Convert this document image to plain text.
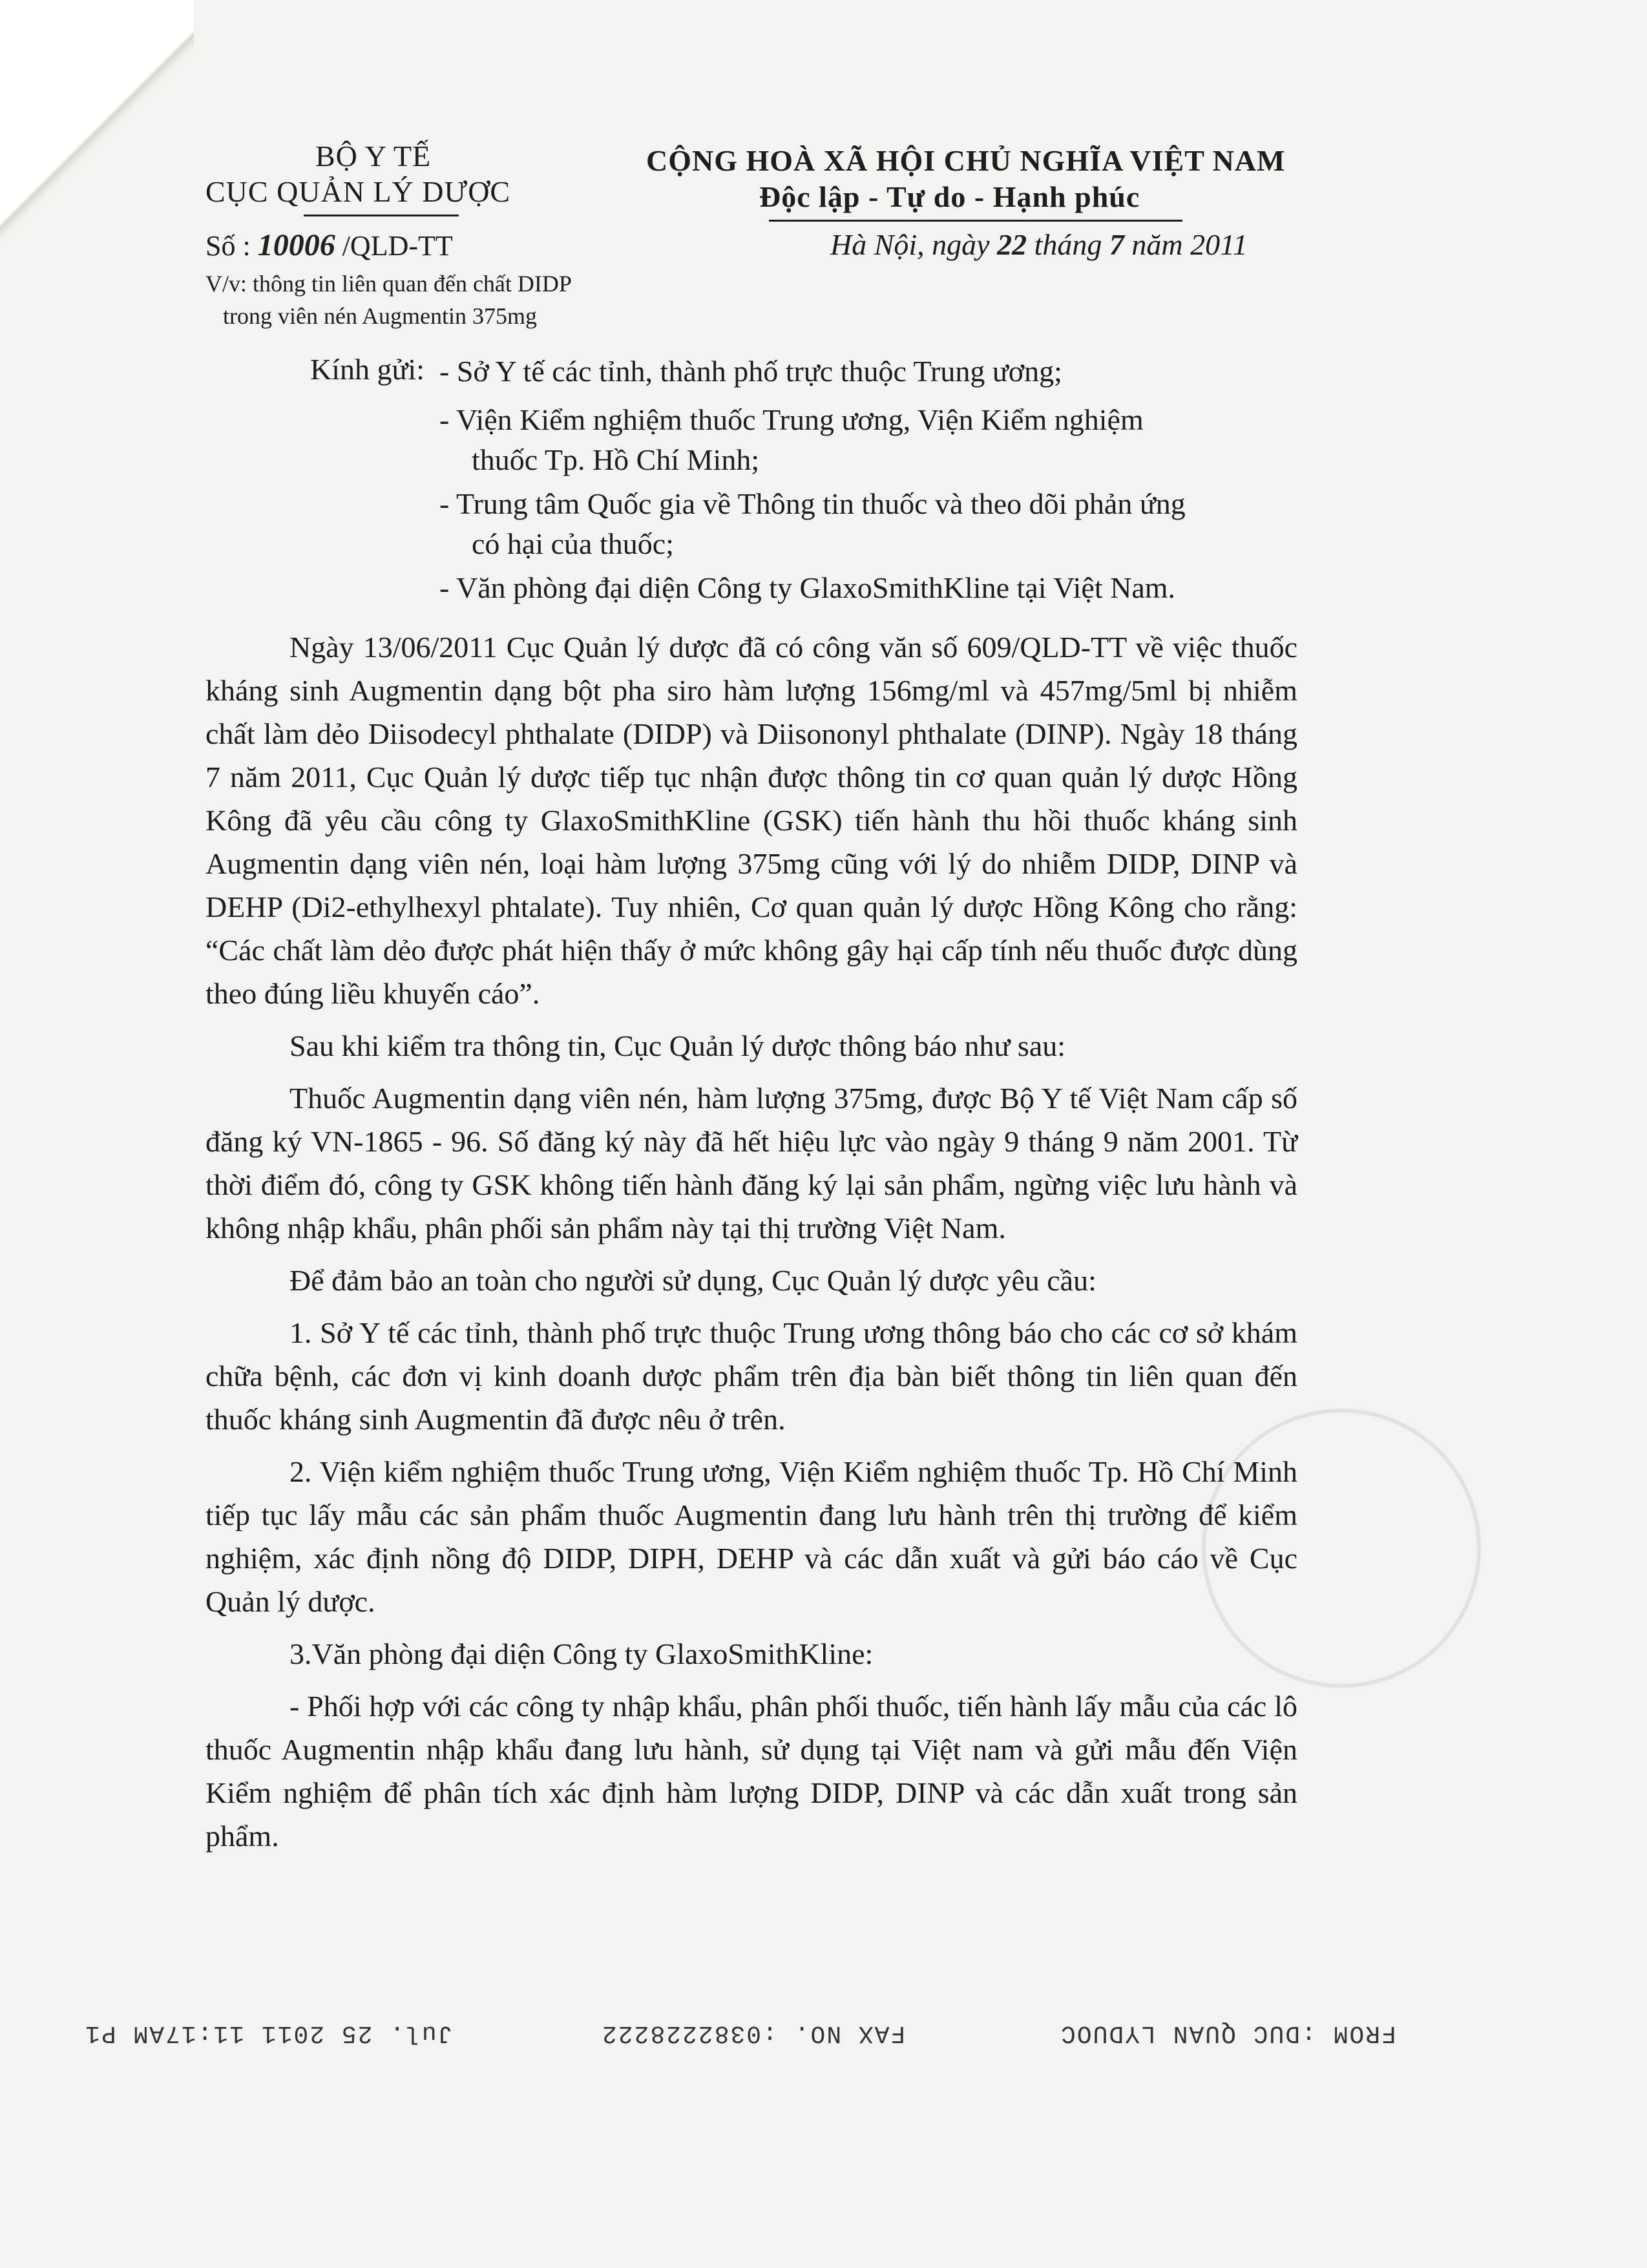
BỘ Y TẾ
CỤC QUẢN LÝ DƯỢC
Số : 10006 /QLD-TT
V/v: thông tin liên quan đến chất DIDP
trong viên nén Augmentin 375mg
CỘNG HOÀ XÃ HỘI CHỦ NGHĨA VIỆT NAM
Độc lập - Tự do - Hạnh phúc
Hà Nội, ngày 22 tháng 7 năm 2011
Kính gửi: - Sở Y tế các tỉnh, thành phố trực thuộc Trung ương;
- Viện Kiểm nghiệm thuốc Trung ương, Viện Kiểm nghiệm
thuốc Tp. Hồ Chí Minh;
- Trung tâm Quốc gia về Thông tin thuốc và theo dõi phản ứng
có hại của thuốc;
- Văn phòng đại diện Công ty GlaxoSmithKline tại Việt Nam.

Ngày 13/06/2011 Cục Quản lý dược đã có công văn số 609/QLD-TT về việc thuốc kháng sinh Augmentin dạng bột pha siro hàm lượng 156mg/ml và 457mg/5ml bị nhiễm chất làm dẻo Diisodecyl phthalate (DIDP) và Diisononyl phthalate (DINP). Ngày 18 tháng 7 năm 2011, Cục Quản lý dược tiếp tục nhận được thông tin cơ quan quản lý dược Hồng Kông đã yêu cầu công ty GlaxoSmithKline (GSK) tiến hành thu hồi thuốc kháng sinh Augmentin dạng viên nén, loại hàm lượng 375mg cũng với lý do nhiễm DIDP, DINP và DEHP (Di2-ethylhexyl phtalate). Tuy nhiên, Cơ quan quản lý dược Hồng Kông cho rằng: “Các chất làm dẻo được phát hiện thấy ở mức không gây hại cấp tính nếu thuốc được dùng theo đúng liều khuyến cáo”.

Sau khi kiểm tra thông tin, Cục Quản lý dược thông báo như sau:

Thuốc Augmentin dạng viên nén, hàm lượng 375mg, được Bộ Y tế Việt Nam cấp số đăng ký VN-1865 - 96. Số đăng ký này đã hết hiệu lực vào ngày 9 tháng 9 năm 2001. Từ thời điểm đó, công ty GSK không tiến hành đăng ký lại sản phẩm, ngừng việc lưu hành và không nhập khẩu, phân phối sản phẩm này tại thị trường Việt Nam.

Để đảm bảo an toàn cho người sử dụng, Cục Quản lý dược yêu cầu:

1. Sở Y tế các tỉnh, thành phố trực thuộc Trung ương thông báo cho các cơ sở khám chữa bệnh, các đơn vị kinh doanh dược phẩm trên địa bàn biết thông tin liên quan đến thuốc kháng sinh Augmentin đã được nêu ở trên.

2. Viện kiểm nghiệm thuốc Trung ương, Viện Kiểm nghiệm thuốc Tp. Hồ Chí Minh tiếp tục lấy mẫu các sản phẩm thuốc Augmentin đang lưu hành trên thị trường để kiểm nghiệm, xác định nồng độ DIDP, DIPH, DEHP và các dẫn xuất và gửi báo cáo về Cục Quản lý dược.

3.Văn phòng đại diện Công ty GlaxoSmithKline:

- Phối hợp với các công ty nhập khẩu, phân phối thuốc, tiến hành lấy mẫu của các lô thuốc Augmentin nhập khẩu đang lưu hành, sử dụng tại Việt nam và gửi mẫu đến Viện Kiểm nghiệm để phân tích xác định hàm lượng DIDP, DINP và các dẫn xuất trong sản phẩm.

Jul. 25 2011 11:17AM P1	FAX NO. :0382228222	FROM :DUC QUAN LYDUOC
